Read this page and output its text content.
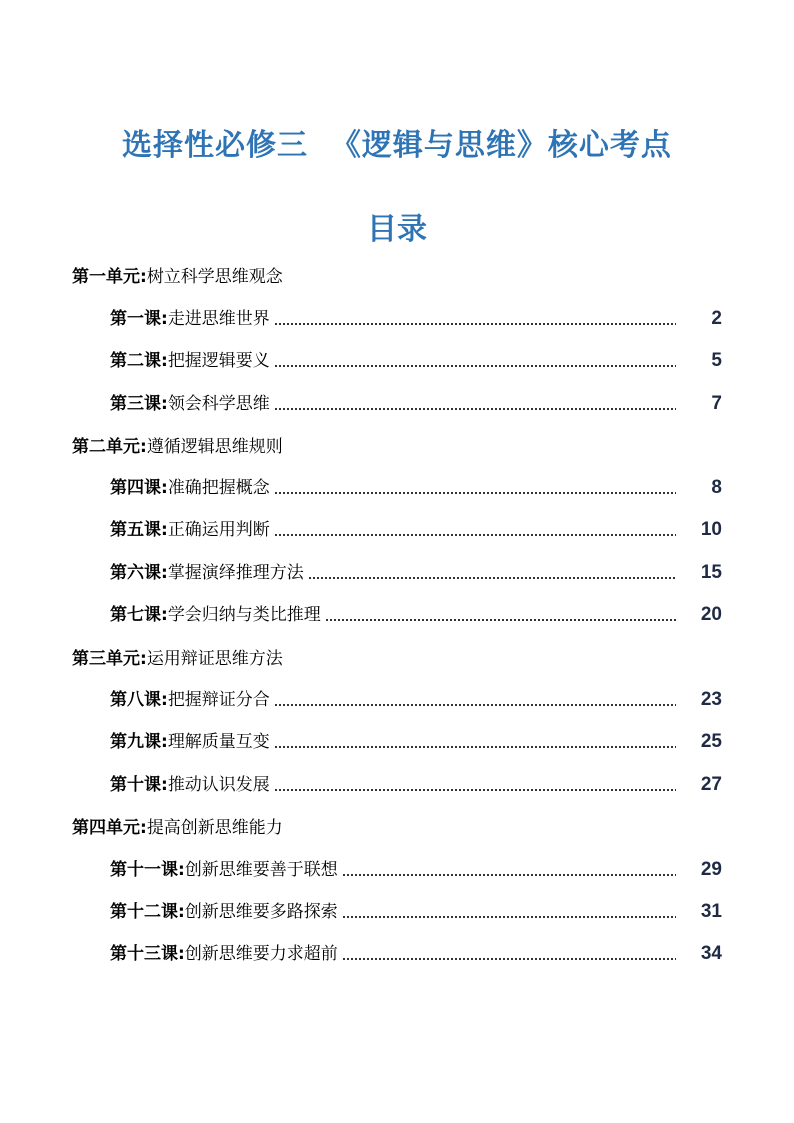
选择性必修三  《逻辑与思维》核心考点
目录
第一单元:树立科学思维观念
第一课: 走进思维世界	2
第二课: 把握逻辑要义	5
第三课: 领会科学思维	7
第二单元:遵循逻辑思维规则
第四课: 准确把握概念	8
第五课: 正确运用判断	10
第六课: 掌握演绎推理方法	15
第七课: 学会归纳与类比推理	20
第三单元:运用辩证思维方法
第八课: 把握辩证分合	23
第九课: 理解质量互变	25
第十课: 推动认识发展	27
第四单元:提高创新思维能力
第十一课: 创新思维要善于联想	29
第十二课: 创新思维要多路探索	31
第十三课: 创新思维要力求超前	34
